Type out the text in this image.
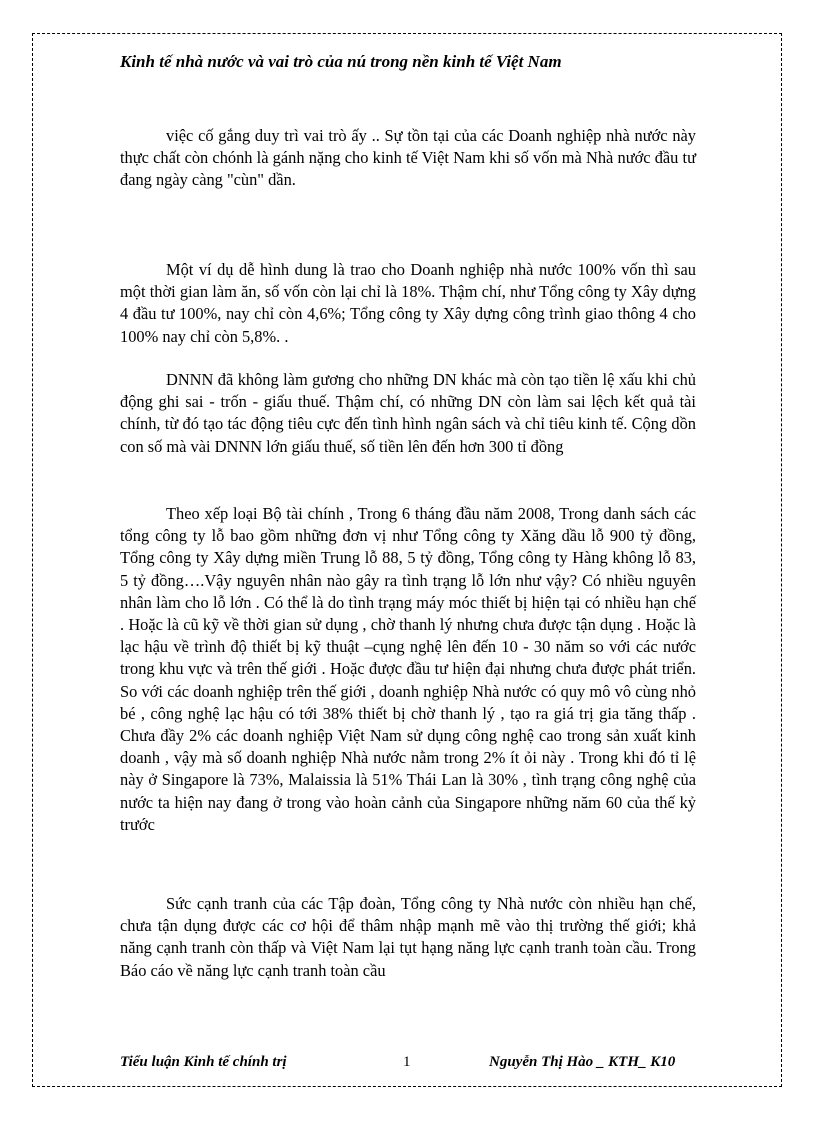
Kinh tế nhà nước và vai trò của nú trong nền kinh tế Việt Nam

việc cố gắng duy trì vai trò ấy .. Sự tồn tại của các Doanh nghiệp nhà nước này thực chất còn chónh là gánh nặng cho kinh tế Việt Nam khi số vốn mà Nhà nước đầu tư đang ngày càng "cùn" dần.

Một ví dụ dễ hình dung là trao cho Doanh nghiệp nhà nước 100% vốn thì sau một thời gian làm ăn, số vốn còn lại chỉ là 18%. Thậm chí, như Tổng công ty Xây dựng 4 đầu tư 100%, nay chỉ còn 4,6%; Tổng công ty Xây dựng công trình giao thông 4 cho 100% nay chỉ còn 5,8%. .

DNNN đã không làm gương cho những DN khác mà còn tạo tiền lệ xấu khi chủ động ghi sai - trốn - giấu thuế. Thậm chí, có những DN còn làm sai lệch kết quả tài chính, từ đó tạo tác động tiêu cực đến tình hình ngân sách và chỉ tiêu kinh tế. Cộng dồn con số mà vài DNNN lớn giấu thuế, số tiền lên đến hơn 300 tỉ đồng

Theo xếp loại Bộ tài chính , Trong 6 tháng đầu năm 2008, Trong danh sách các tổng công ty lỗ bao gồm những đơn vị như Tổng công ty Xăng dầu lỗ 900 tỷ đồng, Tổng công ty Xây dựng miền Trung lỗ 88, 5 tỷ đồng, Tổng công ty Hàng không lỗ 83, 5 tỷ đồng….Vậy nguyên nhân nào gây ra tình trạng lỗ lớn như vậy? Có nhiều nguyên nhân làm cho lỗ lớn . Có thể là do tình trạng máy móc thiết bị hiện tại có nhiều hạn chế . Hoặc là cũ kỹ về thời gian sử dụng , chờ thanh lý nhưng chưa được tận dụng . Hoặc là lạc hậu về trình độ thiết bị kỹ thuật –cụng nghệ lên đến 10 - 30 năm so với các nước trong khu vực và trên thế giới . Hoặc được đầu tư hiện đại nhưng chưa được phát triển. So với các doanh nghiệp trên thế giới , doanh nghiệp Nhà nước có quy mô vô cùng nhỏ bé , công nghệ lạc hậu có tới 38% thiết bị chờ thanh lý , tạo ra giá trị gia tăng thấp . Chưa đầy 2% các doanh nghiệp Việt Nam sử dụng công nghệ cao trong sản xuất kinh doanh , vậy mà số doanh nghiệp Nhà nước nằm trong 2% ít ỏi này . Trong khi đó tỉ lệ này ở Singapore là 73%, Malaissia là 51% Thái Lan là 30% , tình trạng công nghệ của nước ta hiện nay đang ở trong vào hoàn cảnh của Singapore những năm 60 của thế kỷ trước

Sức cạnh tranh của các Tập đoàn, Tổng công ty Nhà nước còn nhiều hạn chế, chưa tận dụng được các cơ hội để thâm nhập mạnh mẽ vào thị trường thế giới; khả năng cạnh tranh còn thấp và Việt Nam lại tụt hạng năng lực cạnh tranh toàn cầu. Trong Báo cáo về năng lực cạnh tranh toàn cầu

Tiểu luận Kinh tế chính trị	1	Nguyễn Thị Hào _ KTH_ K10
